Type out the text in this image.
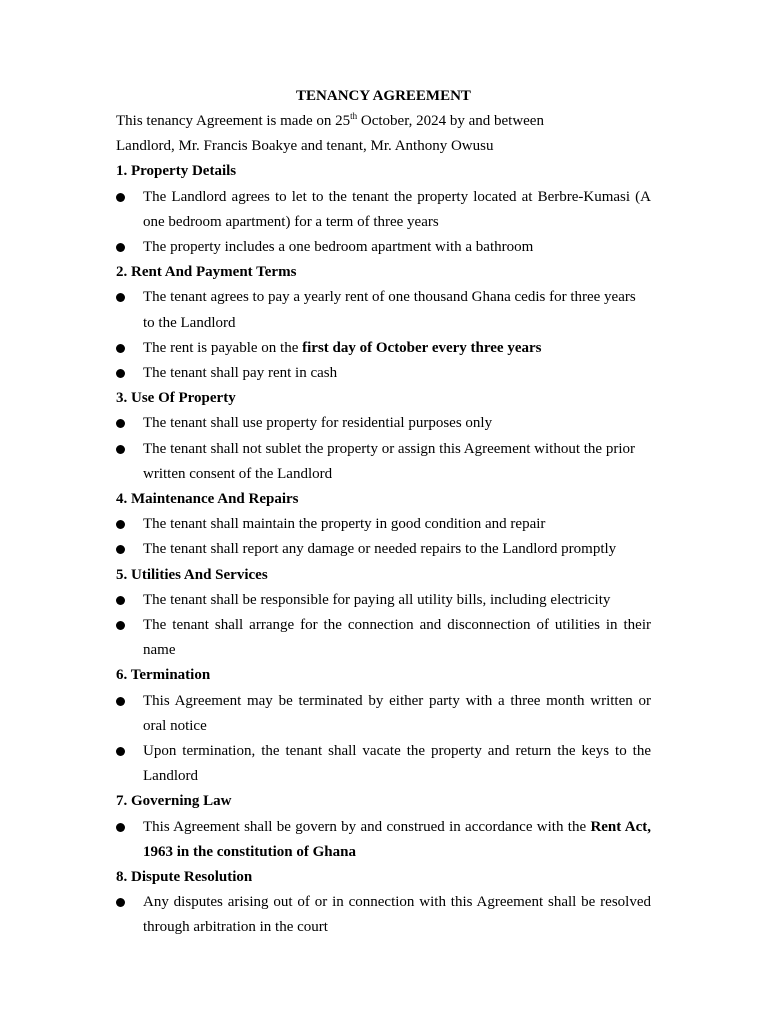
TENANCY AGREEMENT

This tenancy Agreement is made on 25th October, 2024 by and between

Landlord, Mr. Francis Boakye and tenant, Mr. Anthony Owusu

1. Property Details

The Landlord agrees to let to the tenant the property located at Berbre-Kumasi (A one bedroom apartment) for a term of three years
The property includes a one bedroom apartment with a bathroom

2. Rent And Payment Terms

The tenant agrees to pay a yearly rent of one thousand Ghana cedis for three years to the Landlord
The rent is payable on the first day of October every three years
The tenant shall pay rent in cash

3. Use Of Property

The tenant shall use property for residential purposes only
The tenant shall not sublet the property or assign this Agreement without the prior written consent of the Landlord

4. Maintenance And Repairs

The tenant shall maintain the property in good condition and repair
The tenant shall report any damage or needed repairs to the Landlord promptly

5. Utilities And Services

The tenant shall be responsible for paying all utility bills, including electricity
The tenant shall arrange for the connection and disconnection of utilities in their name

6. Termination

This Agreement may be terminated by either party with a three month written or oral notice
Upon termination, the tenant shall vacate the property and return the keys to the Landlord

7. Governing Law

This Agreement shall be govern by and construed in accordance with the Rent Act, 1963 in the constitution of Ghana

8. Dispute Resolution

Any disputes arising out of or in connection with this Agreement shall be resolved through arbitration in the court
